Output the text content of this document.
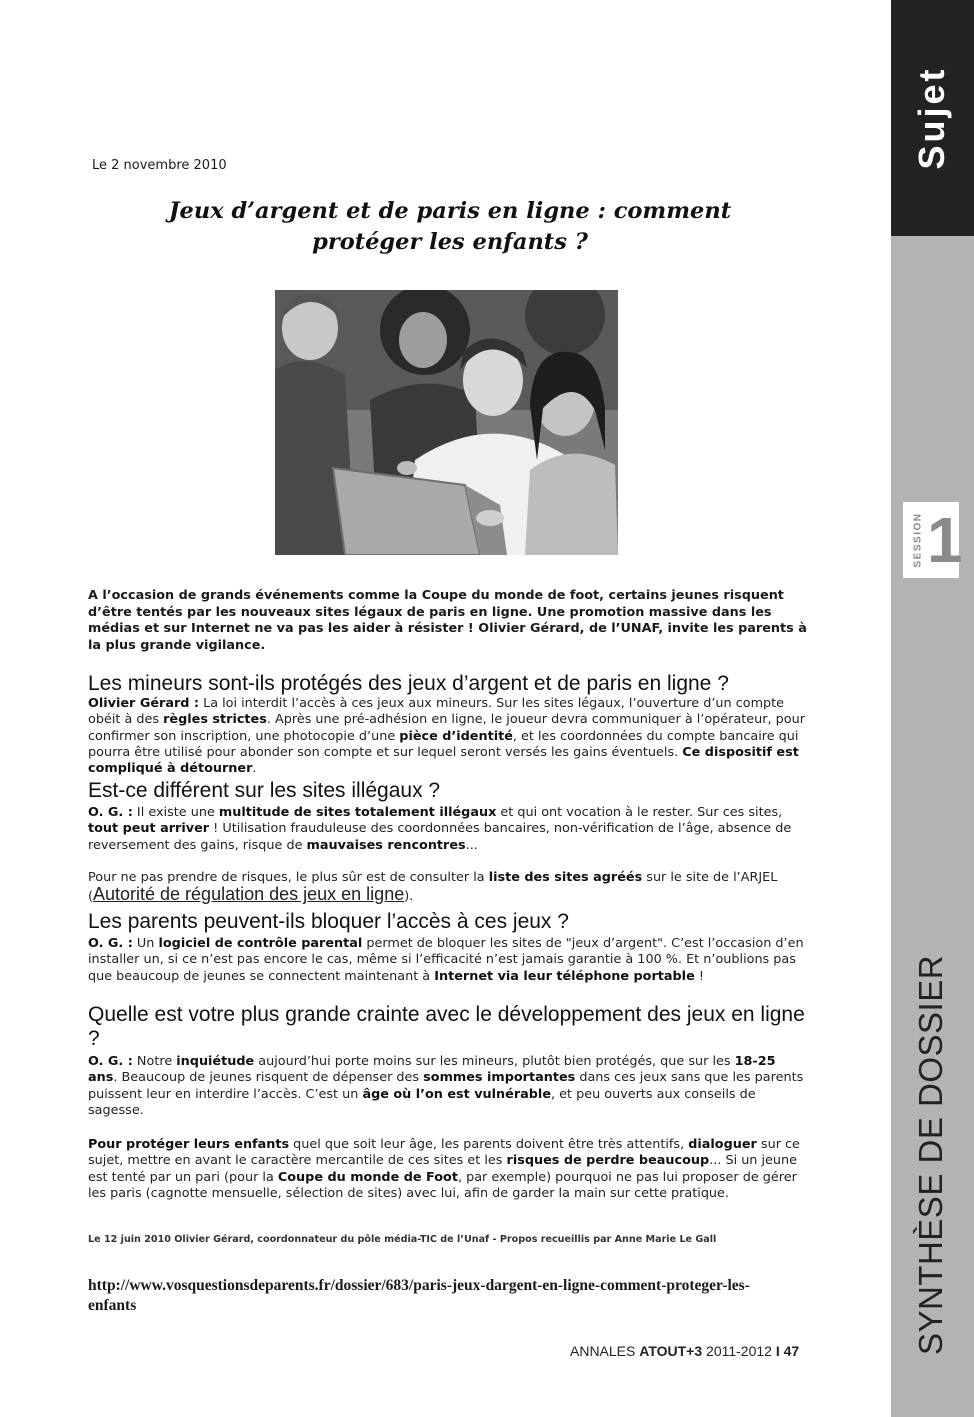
Sujet
SESSION 1
SYNTHÈSE DE DOSSIER
Le 2 novembre 2010
Jeux d’argent et de paris en ligne : comment protéger les enfants ?
A l’occasion de grands événements comme la Coupe du monde de foot, certains jeunes risquent d’être tentés par les nouveaux sites légaux de paris en ligne. Une promotion massive dans les médias et sur Internet ne va pas les aider à résister ! Olivier Gérard, de l’UNAF, invite les parents à la plus grande vigilance.
Les mineurs sont-ils protégés des jeux d’argent et de paris en ligne ?
Olivier Gérard : La loi interdit l’accès à ces jeux aux mineurs. Sur les sites légaux, l’ouverture d’un compte obéit à des règles strictes. Après une pré-adhésion en ligne, le joueur devra communiquer à l’opérateur, pour confirmer son inscription, une photocopie d’une pièce d’identité, et les coordonnées du compte bancaire qui pourra être utilisé pour abonder son compte et sur lequel seront versés les gains éventuels. Ce dispositif est compliqué à détourner.
Est-ce différent sur les sites illégaux ?
O. G. : Il existe une multitude de sites totalement illégaux et qui ont vocation à le rester. Sur ces sites, tout peut arriver ! Utilisation frauduleuse des coordonnées bancaires, non-vérification de l’âge, absence de reversement des gains, risque de mauvaises rencontres...
Pour ne pas prendre de risques, le plus sûr est de consulter la liste des sites agréés sur le site de l’ARJEL (Autorité de régulation des jeux en ligne).
Les parents peuvent-ils bloquer l’accès à ces jeux ?
O. G. : Un logiciel de contrôle parental permet de bloquer les sites de "jeux d’argent". C’est l’occasion d’en installer un, si ce n’est pas encore le cas, même si l’efficacité n’est jamais garantie à 100 %. Et n’oublions pas que beaucoup de jeunes se connectent maintenant à Internet via leur téléphone portable !
Quelle est votre plus grande crainte avec le développement des jeux en ligne ?
O. G. : Notre inquiétude aujourd’hui porte moins sur les mineurs, plutôt bien protégés, que sur les 18-25 ans. Beaucoup de jeunes risquent de dépenser des sommes importantes dans ces jeux sans que les parents puissent leur en interdire l’accès. C’est un âge où l’on est vulnérable, et peu ouverts aux conseils de sagesse.
Pour protéger leurs enfants quel que soit leur âge, les parents doivent être très attentifs, dialoguer sur ce sujet, mettre en avant le caractère mercantile de ces sites et les risques de perdre beaucoup... Si un jeune est tenté par un pari (pour la Coupe du monde de Foot, par exemple) pourquoi ne pas lui proposer de gérer les paris (cagnotte mensuelle, sélection de sites) avec lui, afin de garder la main sur cette pratique.
Le 12 juin 2010 Olivier Gérard, coordonnateur du pôle média-TIC de l’Unaf - Propos recueillis par Anne Marie Le Gall
http://www.vosquestionsdeparents.fr/dossier/683/paris-jeux-dargent-en-ligne-comment-proteger-les-enfants
ANNALES ATOUT+3 2011-2012 I 47
